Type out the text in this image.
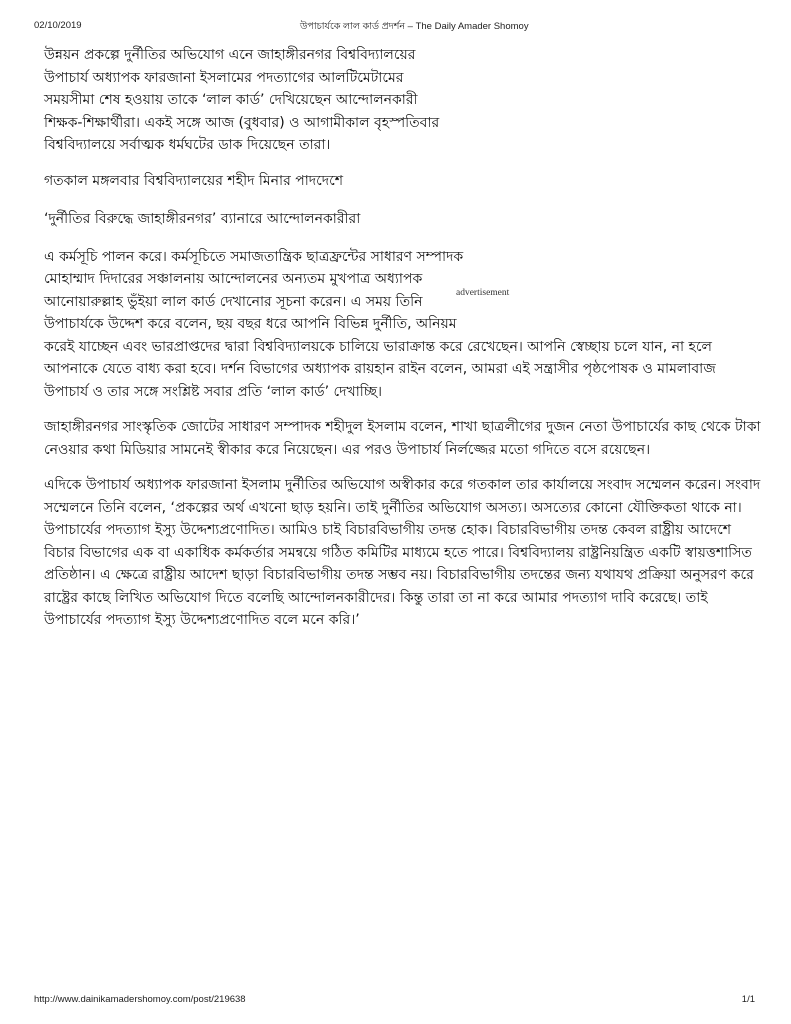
02/10/2019	উপাচার্যকে লাল কার্ড প্রদর্শন – The Daily Amader Shomoy

উন্নয়ন প্রকল্পে দুর্নীতির অভিযোগ এনে জাহাঙ্গীরনগর বিশ্ববিদ্যালয়ের উপাচার্য অধ্যাপক ফারজানা ইসলামের পদত্যাগের আলটিমেটামের সময়সীমা শেষ হওয়ায় তাকে ‘লাল কার্ড’ দেখিয়েছেন আন্দোলনকারী শিক্ষক-শিক্ষার্থীরা। একই সঙ্গে আজ (বুধবার) ও আগামীকাল বৃহস্পতিবার বিশ্ববিদ্যালয়ে সর্বাত্মক ধর্মঘটের ডাক দিয়েছেন তারা।

গতকাল মঙ্গলবার বিশ্ববিদ্যালয়ের শহীদ মিনার পাদদেশে

‘দুর্নীতির বিরুদ্ধে জাহাঙ্গীরনগর’ ব্যানারে আন্দোলনকারীরা

এ কর্মসূচি পালন করে। কর্মসূচিতে সমাজতান্ত্রিক ছাত্রফ্রন্টের সাধারণ সম্পাদক মোহাম্মাদ দিদারের সঞ্চালনায় আন্দোলনের অন্যতম মুখপাত্র অধ্যাপক আনোয়ারুল্লাহ ভুঁইয়া লাল কার্ড দেখানোর সূচনা করেন। এ সময় তিনি উপাচার্যকে উদ্দেশ করে বলেন, ছয় বছর ধরে আপনি বিভিন্ন দুর্নীতি, অনিয়ম করেই যাচ্ছেন এবং ভারপ্রাপ্তদের দ্বারা বিশ্ববিদ্যালয়কে চালিয়ে ভারাক্রান্ত করে রেখেছেন। আপনি স্বেচ্ছায় চলে যান, না হলে আপনাকে যেতে বাধ্য করা হবে। দর্শন বিভাগের অধ্যাপক রায়হান রাইন বলেন, আমরা এই সন্ত্রাসীর পৃষ্ঠপোষক ও মামলাবাজ উপাচার্য ও তার সঙ্গে সংশ্লিষ্ট সবার প্রতি ‘লাল কার্ড’ দেখাচ্ছি।

জাহাঙ্গীরনগর সাংস্কৃতিক জোটের সাধারণ সম্পাদক শহীদুল ইসলাম বলেন, শাখা ছাত্রলীগের দুজন নেতা উপাচার্যের কাছ থেকে টাকা নেওয়ার কথা মিডিয়ার সামনেই স্বীকার করে নিয়েছেন। এর পরও উপাচার্য নির্লজ্জের মতো গদিতে বসে রয়েছেন।

এদিকে উপাচার্য অধ্যাপক ফারজানা ইসলাম দুর্নীতির অভিযোগ অস্বীকার করে গতকাল তার কার্যালয়ে সংবাদ সম্মেলন করেন। সংবাদ সম্মেলনে তিনি বলেন, ‘প্রকল্পের অর্থ এখনো ছাড় হয়নি। তাই দুর্নীতির অভিযোগ অসত্য। অসত্যের কোনো যৌক্তিকতা থাকে না। উপাচার্যের পদত্যাগ ইস্যু উদ্দেশ্যপ্রণোদিত। আমিও চাই বিচারবিভাগীয় তদন্ত হোক। বিচারবিভাগীয় তদন্ত কেবল রাষ্ট্রীয় আদেশে বিচার বিভাগের এক বা একাধিক কর্মকর্তার সমন্বয়ে গঠিত কমিটির মাধ্যমে হতে পারে। বিশ্ববিদ্যালয় রাষ্ট্রনিয়ন্ত্রিত একটি স্বায়ত্তশাসিত প্রতিষ্ঠান। এ ক্ষেত্রে রাষ্ট্রীয় আদেশ ছাড়া বিচারবিভাগীয় তদন্ত সম্ভব নয়। বিচারবিভাগীয় তদন্তের জন্য যথাযথ প্রক্রিয়া অনুসরণ করে রাষ্ট্রের কাছে লিখিত অভিযোগ দিতে বলেছি আন্দোলনকারীদের। কিন্তু তারা তা না করে আমার পদত্যাগ দাবি করেছে। তাই উপাচার্যের পদত্যাগ ইস্যু উদ্দেশ্যপ্রণোদিত বলে মনে করি।’

advertisement
http://www.dainikamadershomoy.com/post/219638	1/1
